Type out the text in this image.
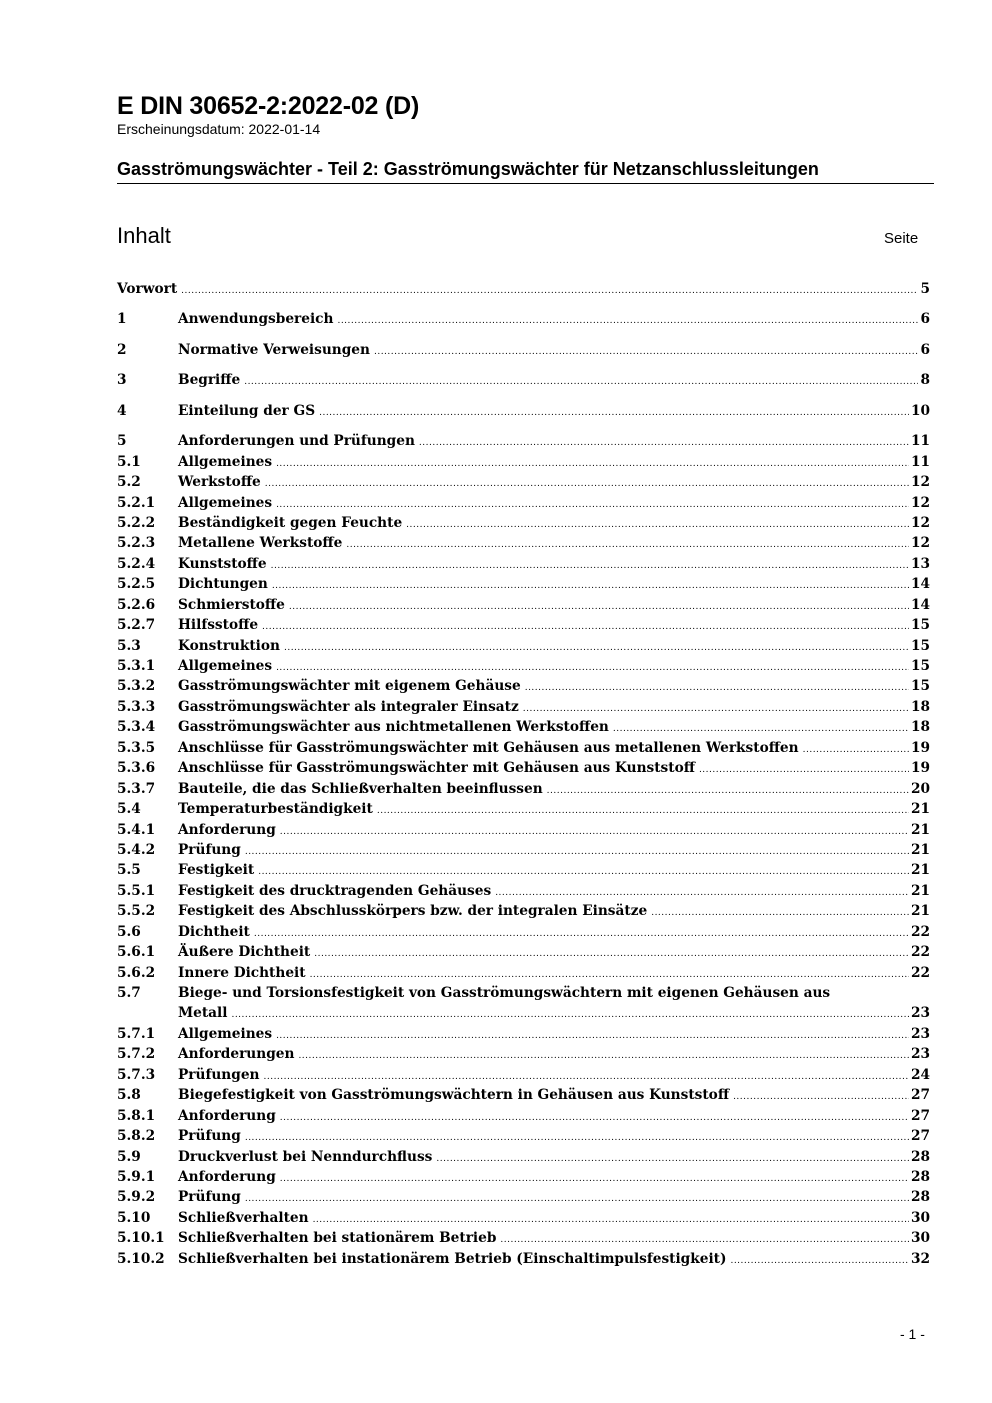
E DIN 30652-2:2022-02 (D)
Erscheinungsdatum: 2022-01-14
Gasströmungswächter - Teil 2: Gasströmungswächter für Netzanschlussleitungen
Inhalt	Seite
Vorwort .....	5
1	Anwendungsbereich .....	6
2	Normative Verweisungen .....	6
3	Begriffe .....	8
4	Einteilung der GS .....	10
5	Anforderungen und Prüfungen .....	11
5.1	Allgemeines .....	11
5.2	Werkstoffe .....	12
5.2.1 Allgemeines .....	12
5.2.2 Beständigkeit gegen Feuchte .....	12
5.2.3 Metallene Werkstoffe .....	12
5.2.4 Kunststoffe .....	13
5.2.5 Dichtungen .....	14
5.2.6 Schmierstoffe .....	14
5.2.7 Hilfsstoffe .....	15
5.3	Konstruktion .....	15
5.3.1 Allgemeines .....	15
5.3.2 Gasströmungswächter mit eigenem Gehäuse .....	15
5.3.3 Gasströmungswächter als integraler Einsatz .....	18
5.3.4 Gasströmungswächter aus nichtmetallenen Werkstoffen .....	18
5.3.5 Anschlüsse für Gasströmungswächter mit Gehäusen aus metallenen Werkstoffen .....	19
5.3.6 Anschlüsse für Gasströmungswächter mit Gehäusen aus Kunststoff .....	19
5.3.7 Bauteile, die das Schließverhalten beeinflussen .....	20
5.4	Temperaturbeständigkeit .....	21
5.4.1 Anforderung .....	21
5.4.2 Prüfung .....	21
5.5	Festigkeit .....	21
5.5.1 Festigkeit des drucktragenden Gehäuses .....	21
5.5.2 Festigkeit des Abschlusskörpers bzw. der integralen Einsätze .....	21
5.6	Dichtheit .....	22
5.6.1 Äußere Dichtheit .....	22
5.6.2 Innere Dichtheit .....	22
5.7	Biege- und Torsionsfestigkeit von Gasströmungswächtern mit eigenen Gehäusen aus
Metall .....	23
5.7.1 Allgemeines .....	23
5.7.2 Anforderungen .....	23
5.7.3 Prüfungen .....	24
5.8	Biegefestigkeit von Gasströmungswächtern in Gehäusen aus Kunststoff .....	27
5.8.1 Anforderung .....	27
5.8.2 Prüfung .....	27
5.9	Druckverlust bei Nenndurchfluss .....	28
5.9.1 Anforderung .....	28
5.9.2 Prüfung .....	28
5.10 Schließverhalten .....	30
5.10.1 Schließverhalten bei stationärem Betrieb .....	30
5.10.2 Schließverhalten bei instationärem Betrieb (Einschaltimpulsfestigkeit) .....	32
- 1 -
